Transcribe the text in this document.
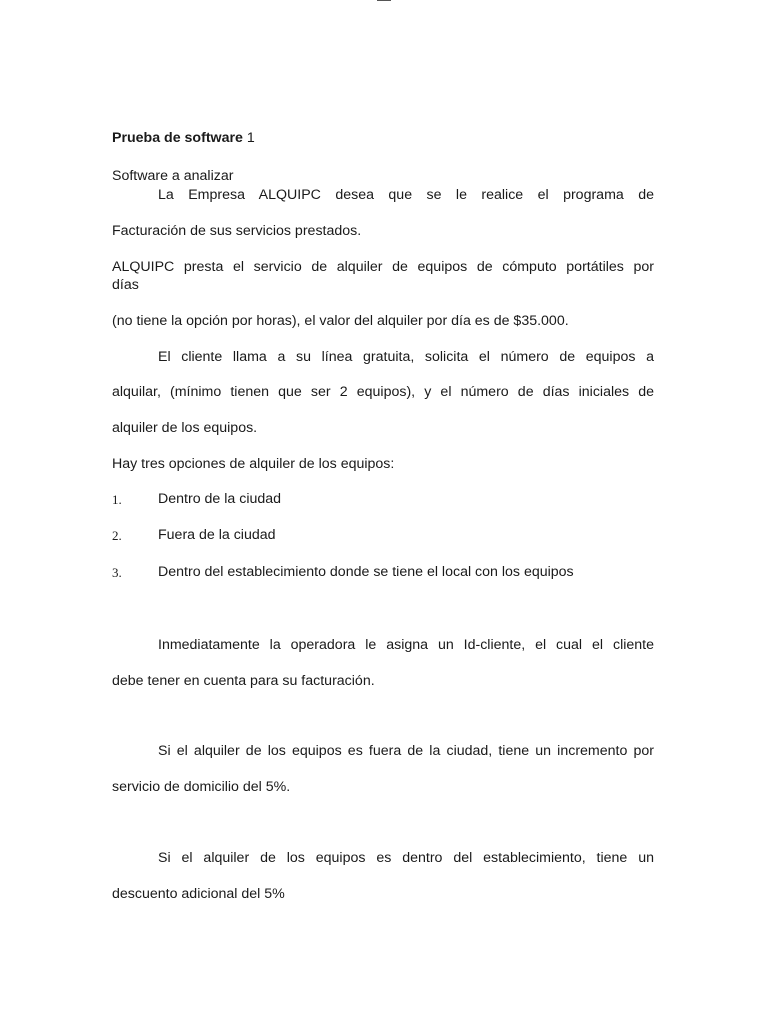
Prueba de software 1
Software a analizar
La Empresa ALQUIPC desea que se le realice el programa de
Facturación de sus servicios prestados.
ALQUIPC presta el servicio de alquiler de equipos de cómputo portátiles por
días
(no tiene la opción por horas), el valor del alquiler por día es de $35.000.
El cliente llama a su línea gratuita, solicita el número de equipos a
alquilar, (mínimo tienen que ser 2 equipos), y el número de días iniciales de
alquiler de los equipos.
Hay tres opciones de alquiler de los equipos:
1.	Dentro de la ciudad
2.	Fuera de la ciudad
3.	Dentro del establecimiento donde se tiene el local con los equipos
Inmediatamente la operadora le asigna un Id-cliente, el cual el cliente
debe tener en cuenta para su facturación.
Si el alquiler de los equipos es fuera de la ciudad, tiene un incremento por
servicio de domicilio del 5%.
Si el alquiler de los equipos es dentro del establecimiento, tiene un
descuento adicional del 5%
